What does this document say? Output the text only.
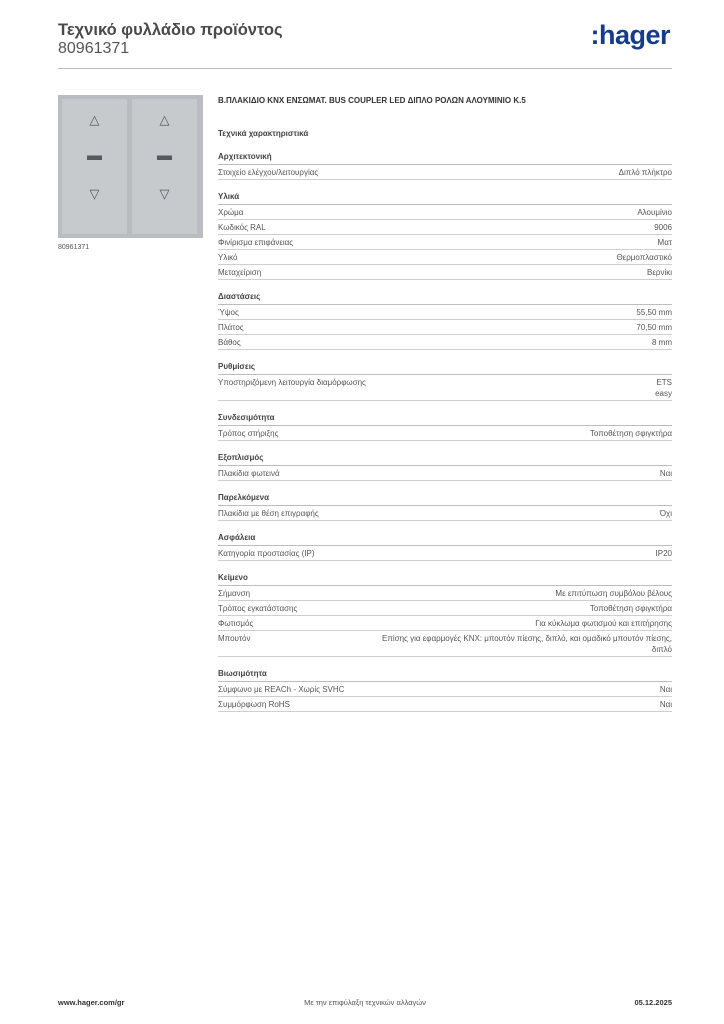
Τεχνικό φυλλάδιο προϊόντος
80961371	:hager
△
▬
▽
△
▬
▽
80961371
Β.ΠΛΑΚΙΔΙΟ KNX ΕΝΣΩΜΑΤ. BUS COUPLER LED ΔΙΠΛΟ ΡΟΛΩΝ ΑΛΟΥΜΙΝΙΟ Κ.5
Τεχνικά χαρακτηριστικά
Αρχιτεκτονική
Στοιχείο ελέγχου/λειτουργίας	Διπλό πλήκτρο
Υλικά
Χρώμα	Αλουμίνιο
Κωδικός RAL	9006
Φινίρισμα επιφάνειας	Ματ
Υλικό	Θερμοπλαστικό
Μεταχείριση	Βερνίκι
Διαστάσεις
Ύψος	55,50 mm
Πλάτος	70,50 mm
Βάθος	8 mm
Ρυθμίσεις
Υποστηριζόμενη λειτουργία διαμόρφωσης	ETS
easy
Συνδεσιμότητα
Τρόπος στήριξης	Τοποθέτηση σφιγκτήρα
Εξοπλισμός
Πλακίδια φωτεινά	Ναι
Παρελκόμενα
Πλακίδια με θέση επιγραφής	Όχι
Ασφάλεια
Κατηγορία προστασίας (IP)	IP20
Κείμενο
Σήμανση	Με επιτύπωση συμβόλου βέλους
Τρόπος εγκατάστασης	Τοποθέτηση σφιγκτήρα
Φωτισμός	Για κύκλωμα φωτισμού και επιτήρησης
Μπουτόν	Επίσης για εφαρμογές KNX: μπουτόν πίεσης, διπλό, και ομαδικό μπουτόν πίεσης, διπλό
Βιωσιμότητα
Σύμφωνο με REACh - Χωρίς SVHC	Ναι
Συμμόρφωση RoHS	Ναι
www.hager.com/gr	Με την επιφύλαξη τεχνικών αλλαγών	05.12.2025
